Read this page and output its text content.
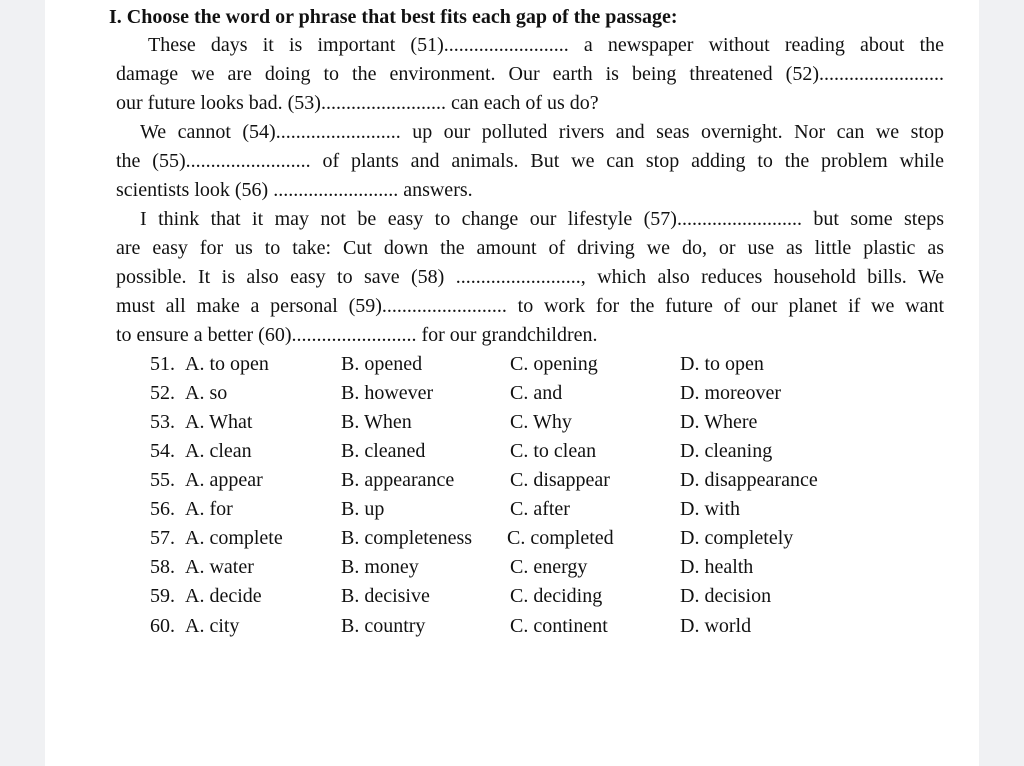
I. Choose the word or phrase that best fits each gap of the passage:
These days it is important (51)......................... a newspaper without reading about the
damage we are doing to the environment. Our earth is being threatened (52).........................
our future looks bad. (53)......................... can each of us do?
We cannot (54)......................... up our polluted rivers and seas overnight. Nor can we stop
the (55)......................... of plants and animals. But we can stop adding to the problem while
scientists look (56) ......................... answers.
I think that it may not be easy to change our lifestyle (57)......................... but some steps
are easy for us to take: Cut down the amount of driving we do, or use as little plastic as
possible. It is also easy to save (58) ........................., which also reduces household bills. We
must all make a personal (59)......................... to work for the future of our planet if we want
to ensure a better (60)......................... for our grandchildren.
51. A. to open	B. opened	C. opening	D. to open
52. A. so	B. however	C. and	D. moreover
53. A. What	B. When	C. Why	D. Where
54. A. clean	B. cleaned	C. to clean	D. cleaning
55. A. appear	B. appearance	C. disappear	D. disappearance
56. A. for	B. up	C. after	D. with
57. A. complete	B. completeness C. completed	D. completely
58. A. water	B. money	C. energy	D. health
59. A. decide	B. decisive	C. deciding	D. decision
60. A. city	B. country	C. continent	D. world
